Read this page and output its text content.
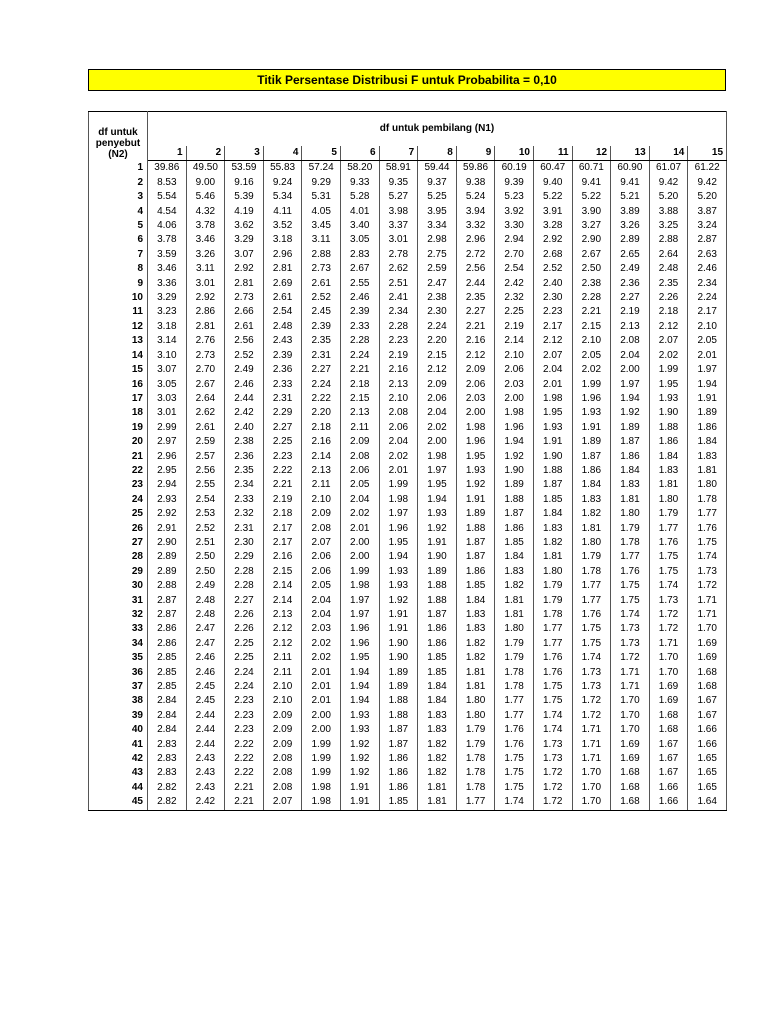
Titik Persentase Distribusi F untuk Probabilita = 0,10
df untuk
penyebut
(N2)	df untuk pembilang (N1)														
	1	2	3	4	5	6	7	8	9	10	11	12	13	14	15
1	39.86	49.50	53.59	55.83	57.24	58.20	58.91	59.44	59.86	60.19	60.47	60.71	60.90	61.07	61.22
2	8.53	9.00	9.16	9.24	9.29	9.33	9.35	9.37	9.38	9.39	9.40	9.41	9.41	9.42	9.42
3	5.54	5.46	5.39	5.34	5.31	5.28	5.27	5.25	5.24	5.23	5.22	5.22	5.21	5.20	5.20
4	4.54	4.32	4.19	4.11	4.05	4.01	3.98	3.95	3.94	3.92	3.91	3.90	3.89	3.88	3.87
5	4.06	3.78	3.62	3.52	3.45	3.40	3.37	3.34	3.32	3.30	3.28	3.27	3.26	3.25	3.24
6	3.78	3.46	3.29	3.18	3.11	3.05	3.01	2.98	2.96	2.94	2.92	2.90	2.89	2.88	2.87
7	3.59	3.26	3.07	2.96	2.88	2.83	2.78	2.75	2.72	2.70	2.68	2.67	2.65	2.64	2.63
8	3.46	3.11	2.92	2.81	2.73	2.67	2.62	2.59	2.56	2.54	2.52	2.50	2.49	2.48	2.46
9	3.36	3.01	2.81	2.69	2.61	2.55	2.51	2.47	2.44	2.42	2.40	2.38	2.36	2.35	2.34
10	3.29	2.92	2.73	2.61	2.52	2.46	2.41	2.38	2.35	2.32	2.30	2.28	2.27	2.26	2.24
11	3.23	2.86	2.66	2.54	2.45	2.39	2.34	2.30	2.27	2.25	2.23	2.21	2.19	2.18	2.17
12	3.18	2.81	2.61	2.48	2.39	2.33	2.28	2.24	2.21	2.19	2.17	2.15	2.13	2.12	2.10
13	3.14	2.76	2.56	2.43	2.35	2.28	2.23	2.20	2.16	2.14	2.12	2.10	2.08	2.07	2.05
14	3.10	2.73	2.52	2.39	2.31	2.24	2.19	2.15	2.12	2.10	2.07	2.05	2.04	2.02	2.01
15	3.07	2.70	2.49	2.36	2.27	2.21	2.16	2.12	2.09	2.06	2.04	2.02	2.00	1.99	1.97
16	3.05	2.67	2.46	2.33	2.24	2.18	2.13	2.09	2.06	2.03	2.01	1.99	1.97	1.95	1.94
17	3.03	2.64	2.44	2.31	2.22	2.15	2.10	2.06	2.03	2.00	1.98	1.96	1.94	1.93	1.91
18	3.01	2.62	2.42	2.29	2.20	2.13	2.08	2.04	2.00	1.98	1.95	1.93	1.92	1.90	1.89
19	2.99	2.61	2.40	2.27	2.18	2.11	2.06	2.02	1.98	1.96	1.93	1.91	1.89	1.88	1.86
20	2.97	2.59	2.38	2.25	2.16	2.09	2.04	2.00	1.96	1.94	1.91	1.89	1.87	1.86	1.84
21	2.96	2.57	2.36	2.23	2.14	2.08	2.02	1.98	1.95	1.92	1.90	1.87	1.86	1.84	1.83
22	2.95	2.56	2.35	2.22	2.13	2.06	2.01	1.97	1.93	1.90	1.88	1.86	1.84	1.83	1.81
23	2.94	2.55	2.34	2.21	2.11	2.05	1.99	1.95	1.92	1.89	1.87	1.84	1.83	1.81	1.80
24	2.93	2.54	2.33	2.19	2.10	2.04	1.98	1.94	1.91	1.88	1.85	1.83	1.81	1.80	1.78
25	2.92	2.53	2.32	2.18	2.09	2.02	1.97	1.93	1.89	1.87	1.84	1.82	1.80	1.79	1.77
26	2.91	2.52	2.31	2.17	2.08	2.01	1.96	1.92	1.88	1.86	1.83	1.81	1.79	1.77	1.76
27	2.90	2.51	2.30	2.17	2.07	2.00	1.95	1.91	1.87	1.85	1.82	1.80	1.78	1.76	1.75
28	2.89	2.50	2.29	2.16	2.06	2.00	1.94	1.90	1.87	1.84	1.81	1.79	1.77	1.75	1.74
29	2.89	2.50	2.28	2.15	2.06	1.99	1.93	1.89	1.86	1.83	1.80	1.78	1.76	1.75	1.73
30	2.88	2.49	2.28	2.14	2.05	1.98	1.93	1.88	1.85	1.82	1.79	1.77	1.75	1.74	1.72
31	2.87	2.48	2.27	2.14	2.04	1.97	1.92	1.88	1.84	1.81	1.79	1.77	1.75	1.73	1.71
32	2.87	2.48	2.26	2.13	2.04	1.97	1.91	1.87	1.83	1.81	1.78	1.76	1.74	1.72	1.71
33	2.86	2.47	2.26	2.12	2.03	1.96	1.91	1.86	1.83	1.80	1.77	1.75	1.73	1.72	1.70
34	2.86	2.47	2.25	2.12	2.02	1.96	1.90	1.86	1.82	1.79	1.77	1.75	1.73	1.71	1.69
35	2.85	2.46	2.25	2.11	2.02	1.95	1.90	1.85	1.82	1.79	1.76	1.74	1.72	1.70	1.69
36	2.85	2.46	2.24	2.11	2.01	1.94	1.89	1.85	1.81	1.78	1.76	1.73	1.71	1.70	1.68
37	2.85	2.45	2.24	2.10	2.01	1.94	1.89	1.84	1.81	1.78	1.75	1.73	1.71	1.69	1.68
38	2.84	2.45	2.23	2.10	2.01	1.94	1.88	1.84	1.80	1.77	1.75	1.72	1.70	1.69	1.67
39	2.84	2.44	2.23	2.09	2.00	1.93	1.88	1.83	1.80	1.77	1.74	1.72	1.70	1.68	1.67
40	2.84	2.44	2.23	2.09	2.00	1.93	1.87	1.83	1.79	1.76	1.74	1.71	1.70	1.68	1.66
41	2.83	2.44	2.22	2.09	1.99	1.92	1.87	1.82	1.79	1.76	1.73	1.71	1.69	1.67	1.66
42	2.83	2.43	2.22	2.08	1.99	1.92	1.86	1.82	1.78	1.75	1.73	1.71	1.69	1.67	1.65
43	2.83	2.43	2.22	2.08	1.99	1.92	1.86	1.82	1.78	1.75	1.72	1.70	1.68	1.67	1.65
44	2.82	2.43	2.21	2.08	1.98	1.91	1.86	1.81	1.78	1.75	1.72	1.70	1.68	1.66	1.65
45	2.82	2.42	2.21	2.07	1.98	1.91	1.85	1.81	1.77	1.74	1.72	1.70	1.68	1.66	1.64
